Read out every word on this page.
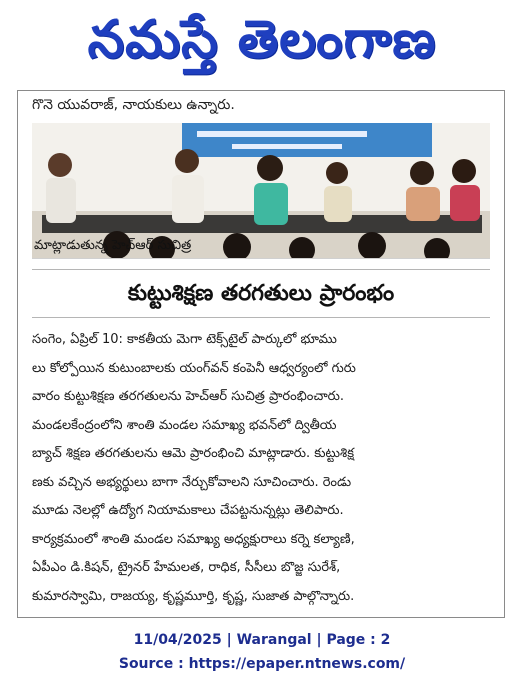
నమస్తే తెలంగాణ
గొనె యువరాజ్, నాయకులు ఉన్నారు.
మాట్లాడుతున్న హెచ్ఆర్ సుచిత్ర
కుట్టుశిక్షణ తరగతులు ప్రారంభం
సంగెం, ఏప్రిల్ 10: కాకతీయ మెగా టెక్స్‌టైల్ పార్కులో భూము
లు కోల్పోయిన కుటుంబాలకు యంగ్‌వన్ కంపెనీ ఆధ్వర్యంలో గురు
వారం కుట్టుశిక్షణ తరగతులను హెచ్ఆర్ సుచిత్ర ప్రారంభించారు.
మండలకేంద్రంలోని శాంతి మండల సమాఖ్య భవన్‌లో ద్వితీయ
బ్యాచ్ శిక్షణ తరగతులను ఆమె ప్రారంభించి మాట్లాడారు. కుట్టుశిక్ష
ణకు వచ్చిన అభ్యర్థులు బాగా నేర్చుకోవాలని సూచించారు. రెండు
మూడు నెలల్లో ఉద్యోగ నియామకాలు చేపట్టనున్నట్లు తెలిపారు.
కార్యక్రమంలో శాంతి మండల సమాఖ్య అధ్యక్షురాలు కర్నె కల్యాణి,
ఏపీఎం డి.కిషన్, ట్రైనర్ హేమలత, రాధిక, సీసీలు బొజ్జ సురేశ్,
కుమారస్వామి, రాజయ్య, కృష్ణమూర్తి, కృష్ణ, సుజాత పాల్గొన్నారు.
11/04/2025 | Warangal | Page : 2
Source : https://epaper.ntnews.com/
